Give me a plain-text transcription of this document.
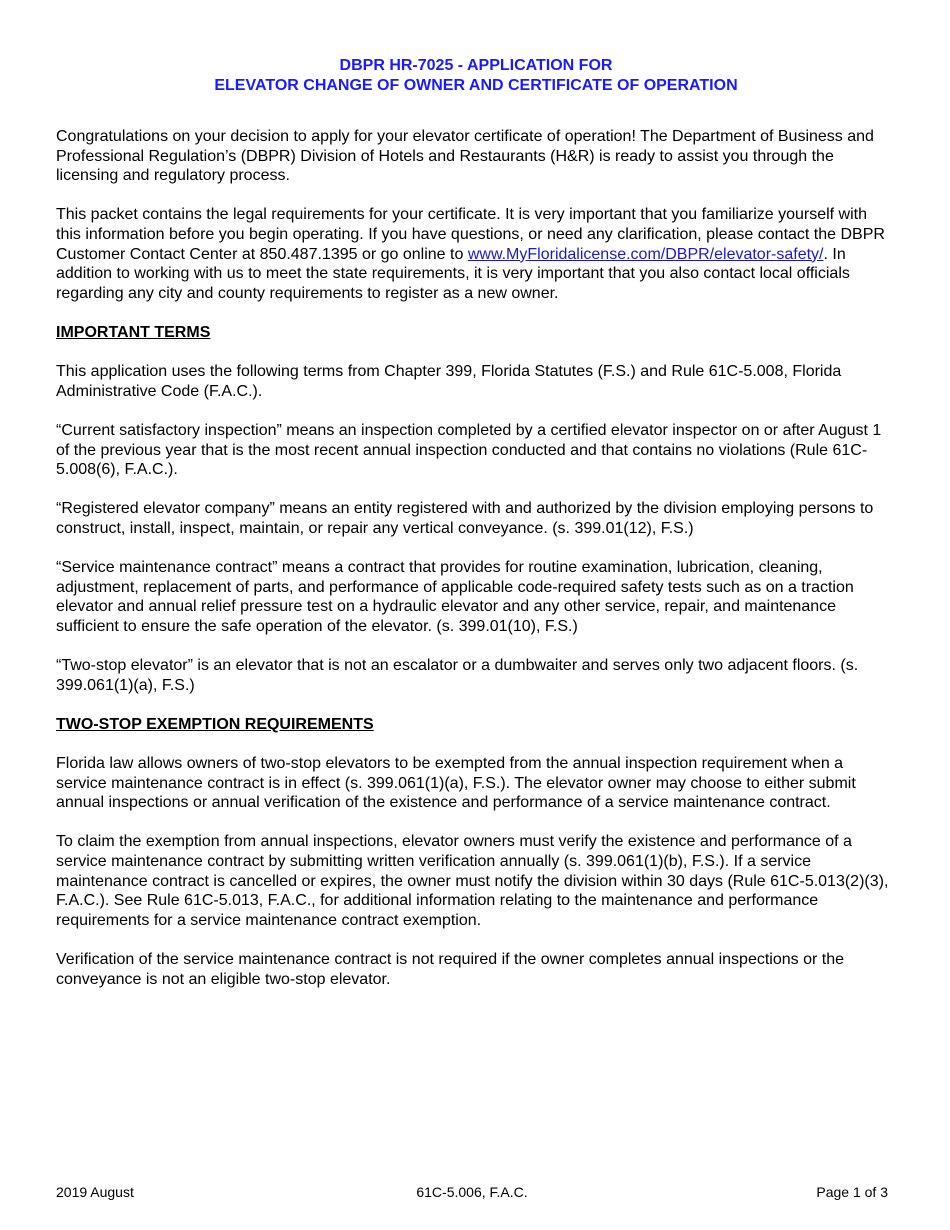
DBPR HR-7025 - APPLICATION FOR
ELEVATOR CHANGE OF OWNER AND CERTIFICATE OF OPERATION

Congratulations on your decision to apply for your elevator certificate of operation! The Department of Business and Professional Regulation’s (DBPR) Division of Hotels and Restaurants (H&R) is ready to assist you through the licensing and regulatory process.

This packet contains the legal requirements for your certificate. It is very important that you familiarize yourself with this information before you begin operating. If you have questions, or need any clarification, please contact the DBPR Customer Contact Center at 850.487.1395 or go online to www.MyFloridalicense.com/DBPR/elevator-safety/. In addition to working with us to meet the state requirements, it is very important that you also contact local officials regarding any city and county requirements to register as a new owner.

IMPORTANT TERMS

This application uses the following terms from Chapter 399, Florida Statutes (F.S.) and Rule 61C-5.008, Florida Administrative Code (F.A.C.).

“Current satisfactory inspection” means an inspection completed by a certified elevator inspector on or after August 1 of the previous year that is the most recent annual inspection conducted and that contains no violations (Rule 61C-5.008(6), F.A.C.).

“Registered elevator company” means an entity registered with and authorized by the division employing persons to construct, install, inspect, maintain, or repair any vertical conveyance. (s. 399.01(12), F.S.)

“Service maintenance contract” means a contract that provides for routine examination, lubrication, cleaning, adjustment, replacement of parts, and performance of applicable code-required safety tests such as on a traction elevator and annual relief pressure test on a hydraulic elevator and any other service, repair, and maintenance sufficient to ensure the safe operation of the elevator. (s. 399.01(10), F.S.)

“Two-stop elevator” is an elevator that is not an escalator or a dumbwaiter and serves only two adjacent floors. (s. 399.061(1)(a), F.S.)

TWO-STOP EXEMPTION REQUIREMENTS

Florida law allows owners of two-stop elevators to be exempted from the annual inspection requirement when a service maintenance contract is in effect (s. 399.061(1)(a), F.S.). The elevator owner may choose to either submit annual inspections or annual verification of the existence and performance of a service maintenance contract.

To claim the exemption from annual inspections, elevator owners must verify the existence and performance of a service maintenance contract by submitting written verification annually (s. 399.061(1)(b), F.S.). If a service maintenance contract is cancelled or expires, the owner must notify the division within 30 days (Rule 61C-5.013(2)(3), F.A.C.). See Rule 61C-5.013, F.A.C., for additional information relating to the maintenance and performance requirements for a service maintenance contract exemption.

Verification of the service maintenance contract is not required if the owner completes annual inspections or the conveyance is not an eligible two-stop elevator.

61C-5.006, F.A.C.
2019 August	Page 1 of 3
